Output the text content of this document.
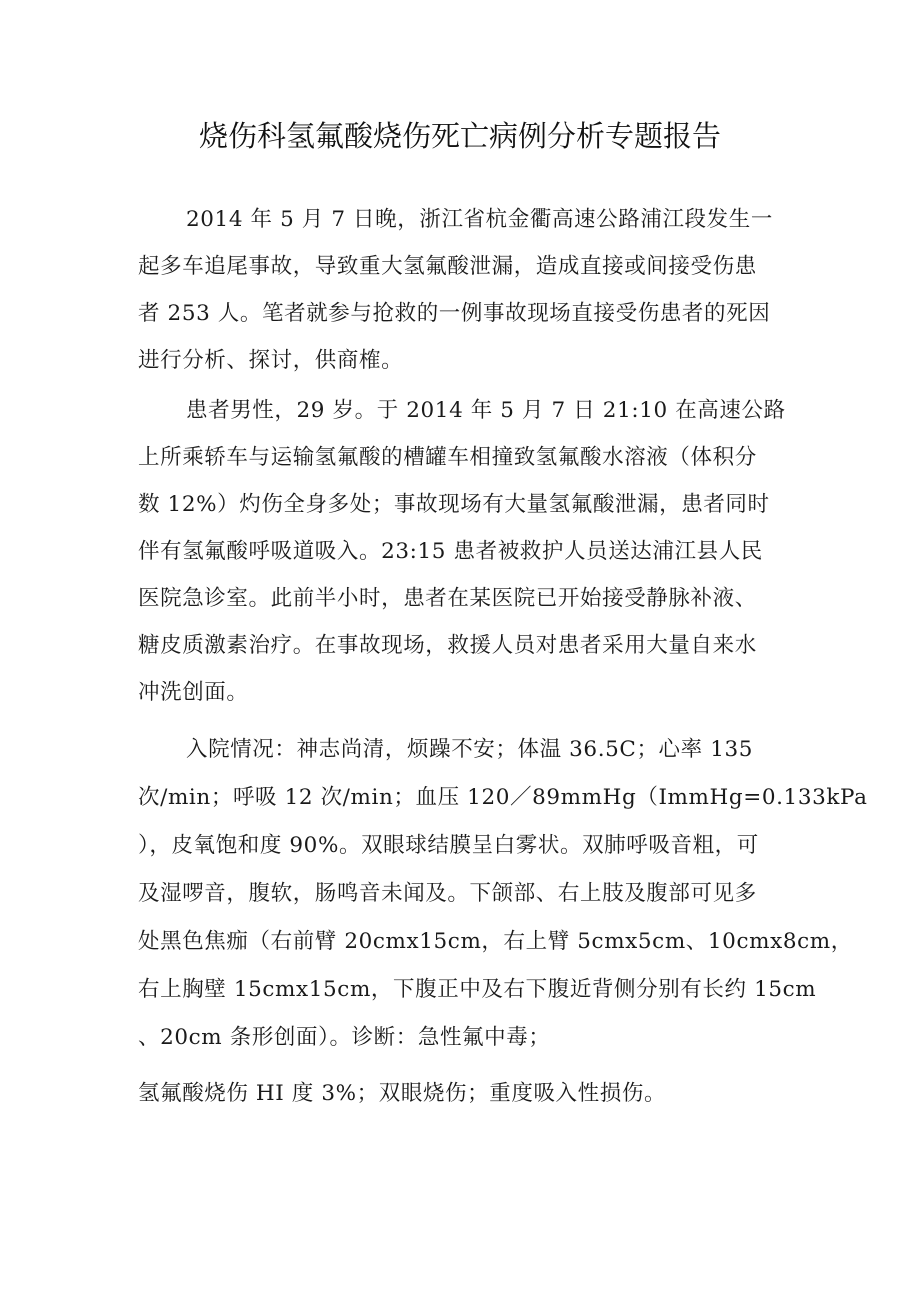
烧伤科氢氟酸烧伤死亡病例分析专题报告
2014 年 5 月 7 日晚，浙江省杭金衢高速公路浦江段发生一
起多车追尾事故，导致重大氢氟酸泄漏，造成直接或间接受伤患
者 253 人。笔者就参与抢救的一例事故现场直接受伤患者的死因
进行分析、探讨，供商榷。
患者男性，29 岁。于 2014 年 5 月 7 日 21:10 在高速公路
上所乘轿车与运输氢氟酸的槽罐车相撞致氢氟酸水溶液（体积分
数 12%）灼伤全身多处；事故现场有大量氢氟酸泄漏，患者同时
伴有氢氟酸呼吸道吸入。23:15 患者被救护人员送达浦江县人民
医院急诊室。此前半小时，患者在某医院已开始接受静脉补液、
糖皮质激素治疗。在事故现场，救援人员对患者采用大量自来水
冲洗创面。
入院情况：神志尚清，烦躁不安；体温 36.5C；心率 135
次/min；呼吸 12 次/min；血压 120／89mmHg（ImmHg=0.133kPa
），皮氧饱和度 90%。双眼球结膜呈白雾状。双肺呼吸音粗，可
及湿啰音，腹软，肠鸣音未闻及。下颌部、右上肢及腹部可见多
处黑色焦痂（右前臂 20cmx15cm，右上臂 5cmx5cm、10cmx8cm，
右上胸壁 15cmx15cm，下腹正中及右下腹近背侧分别有长约 15cm
、20cm 条形创面）。诊断：急性氟中毒；
氢氟酸烧伤 HI 度 3%；双眼烧伤；重度吸入性损伤。
